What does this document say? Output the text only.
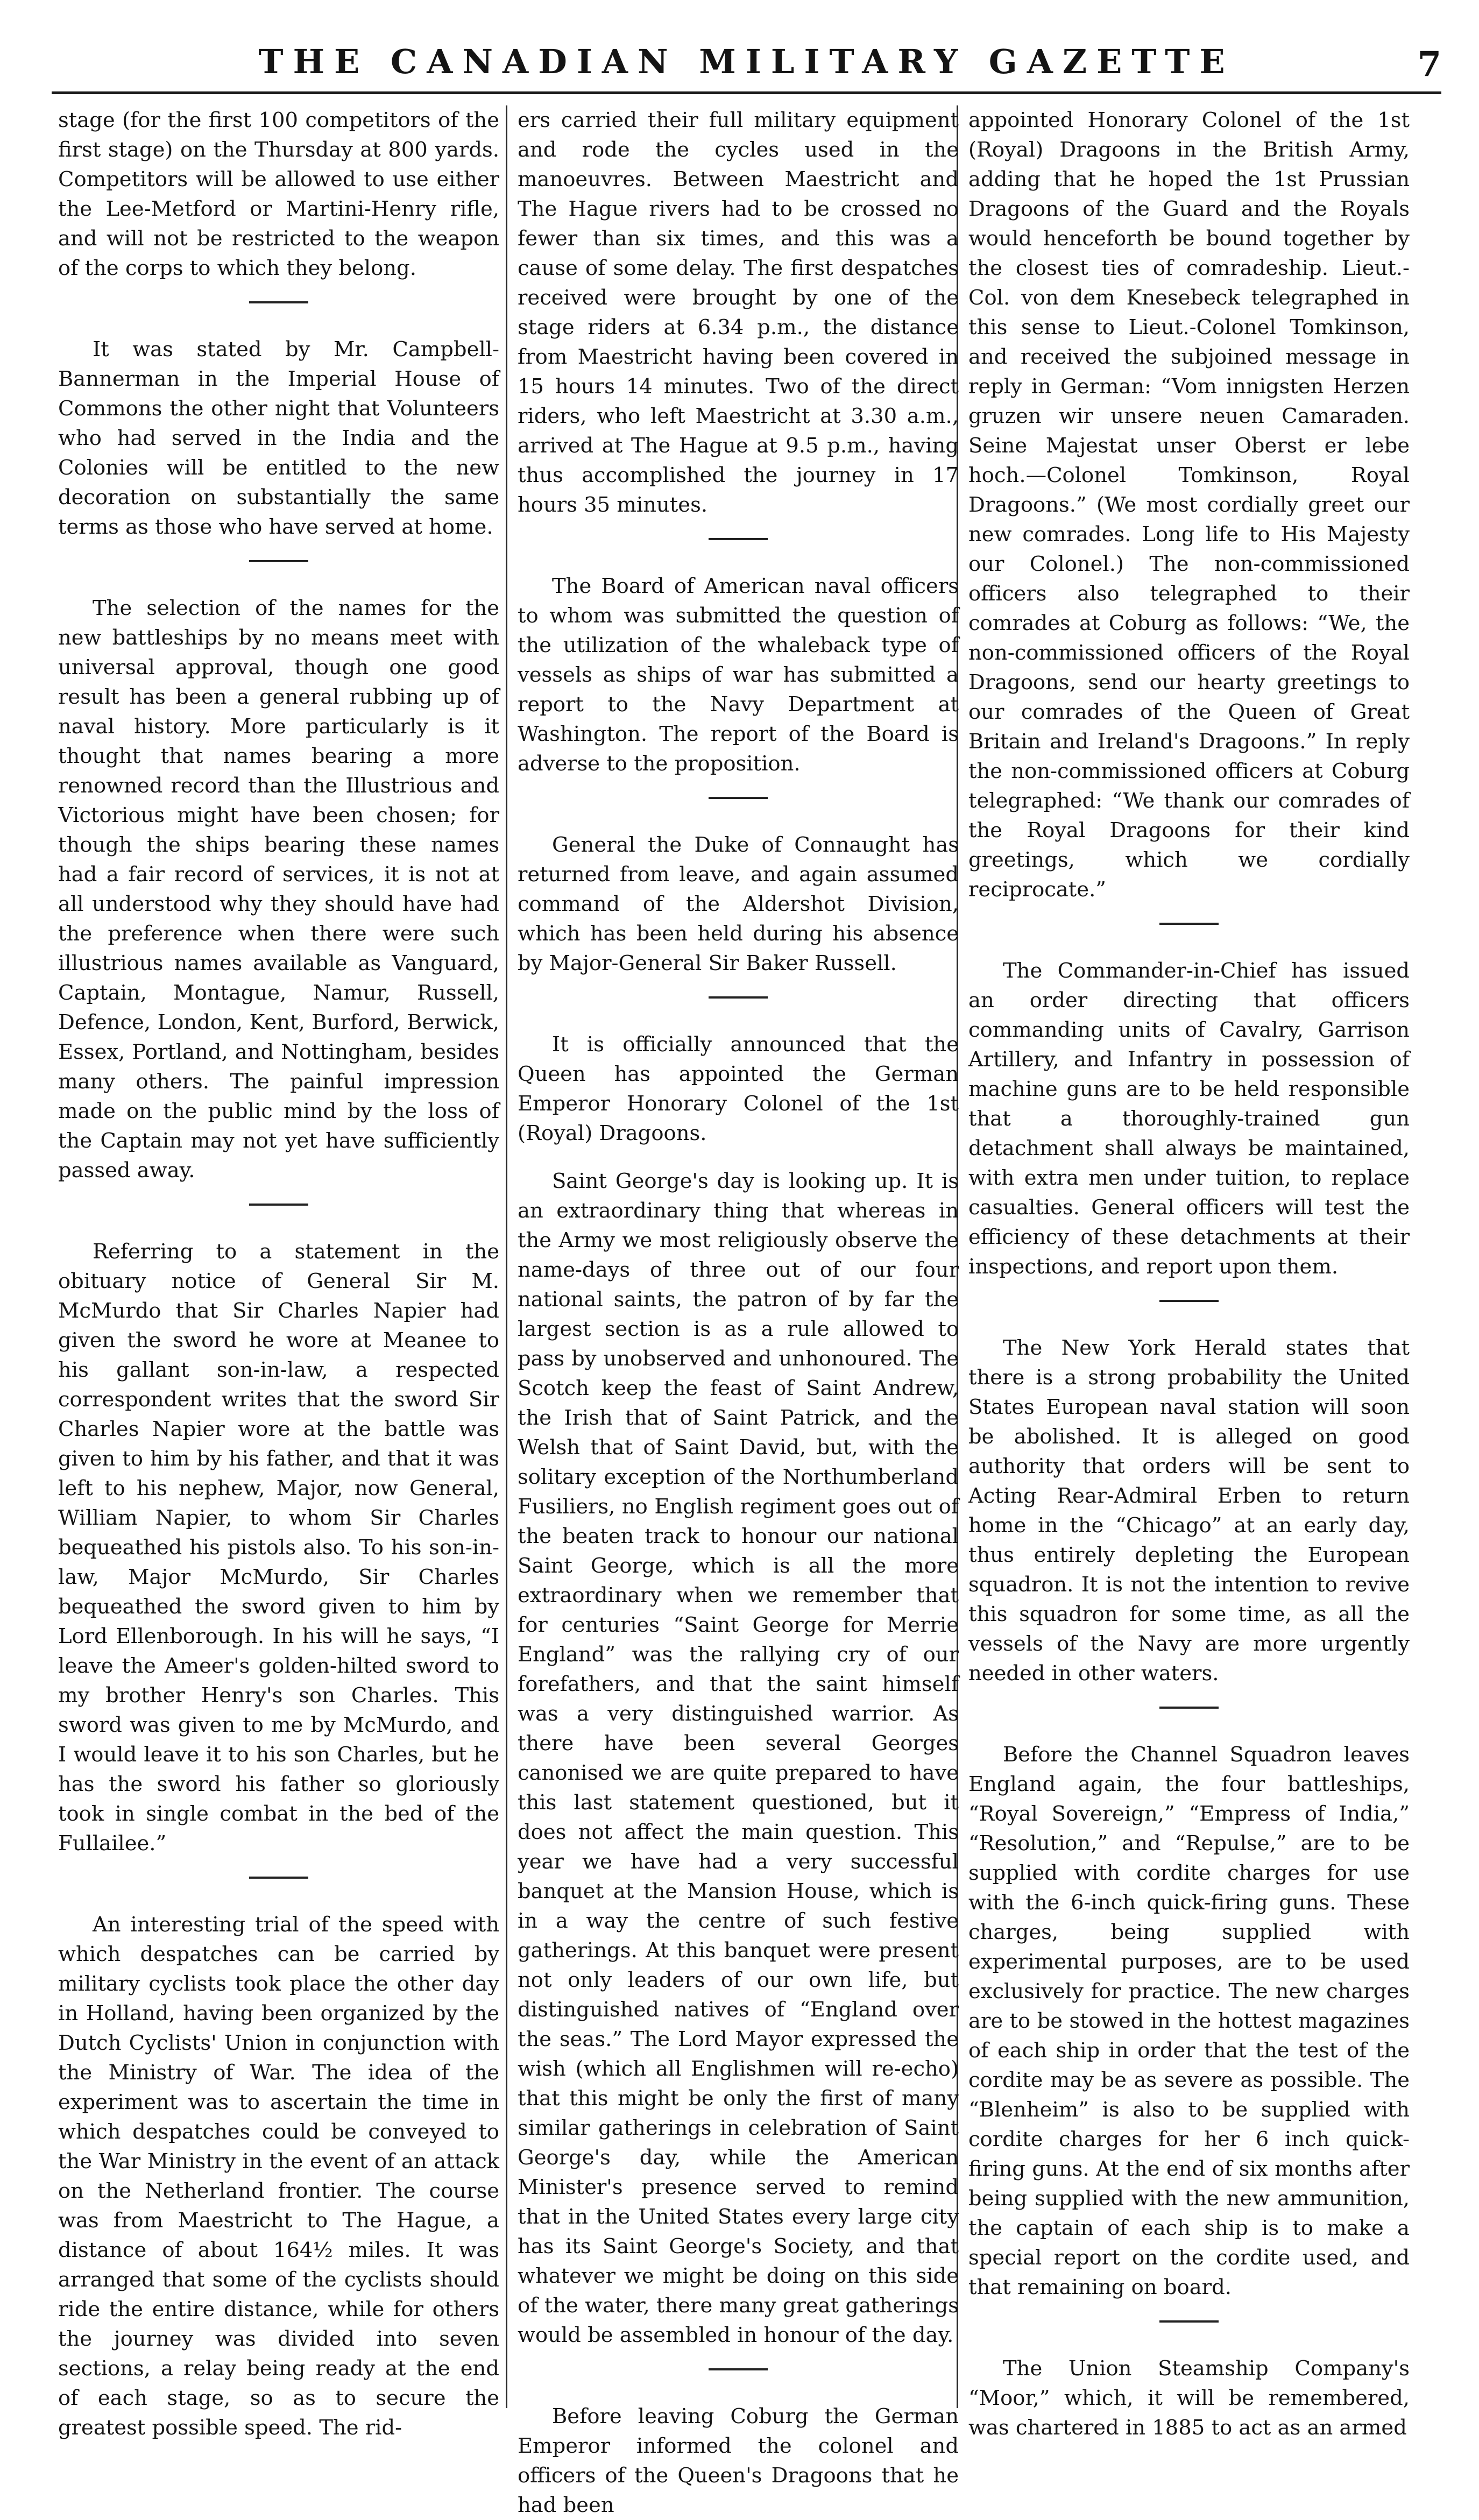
THE CANADIAN MILITARY GAZETTE	7

stage (for the first 100 competitors of the first stage) on the Thursday at 800 yards. Competitors will be allowed to use either the Lee-Metford or Martini-Henry rifle, and will not be restricted to the weapon of the corps to which they belong.

It was stated by Mr. Campbell-Bannerman in the Imperial House of Commons the other night that Volunteers who had served in the India and the Colonies will be entitled to the new decoration on substantially the same terms as those who have served at home.

The selection of the names for the new battleships by no means meet with universal approval, though one good result has been a general rubbing up of naval history. More particularly is it thought that names bearing a more renowned record than the Illustrious and Victorious might have been chosen; for though the ships bearing these names had a fair record of services, it is not at all understood why they should have had the preference when there were such illustrious names available as Vanguard, Captain, Montague, Namur, Russell, Defence, London, Kent, Burford, Berwick, Essex, Portland, and Nottingham, besides many others. The painful impression made on the public mind by the loss of the Captain may not yet have sufficiently passed away.

Referring to a statement in the obituary notice of General Sir M. McMurdo that Sir Charles Napier had given the sword he wore at Meanee to his gallant son-in-law, a respected correspondent writes that the sword Sir Charles Napier wore at the battle was given to him by his father, and that it was left to his nephew, Major, now General, William Napier, to whom Sir Charles bequeathed his pistols also. To his son-in-law, Major McMurdo, Sir Charles bequeathed the sword given to him by Lord Ellenborough. In his will he says, “I leave the Ameer's golden-hilted sword to my brother Henry's son Charles. This sword was given to me by McMurdo, and I would leave it to his son Charles, but he has the sword his father so gloriously took in single combat in the bed of the Fullailee.”

An interesting trial of the speed with which despatches can be carried by military cyclists took place the other day in Holland, having been organized by the Dutch Cyclists' Union in conjunction with the Ministry of War. The idea of the experiment was to ascertain the time in which despatches could be conveyed to the War Ministry in the event of an attack on the Netherland frontier. The course was from Maestricht to The Hague, a distance of about 164½ miles. It was arranged that some of the cyclists should ride the entire distance, while for others the journey was divided into seven sections, a relay being ready at the end of each stage, so as to secure the greatest possible speed. The rid-

ers carried their full military equipment and rode the cycles used in the manoeuvres. Between Maestricht and The Hague rivers had to be crossed no fewer than six times, and this was a cause of some delay. The first despatches received were brought by one of the stage riders at 6.34 p.m., the distance from Maestricht having been covered in 15 hours 14 minutes. Two of the direct riders, who left Maestricht at 3.30 a.m., arrived at The Hague at 9.5 p.m., having thus accomplished the journey in 17 hours 35 minutes.

The Board of American naval officers to whom was submitted the question of the utilization of the whaleback type of vessels as ships of war has submitted a report to the Navy Department at Washington. The report of the Board is adverse to the proposition.

General the Duke of Connaught has returned from leave, and again assumed command of the Aldershot Division, which has been held during his absence by Major-General Sir Baker Russell.

It is officially announced that the Queen has appointed the German Emperor Honorary Colonel of the 1st (Royal) Dragoons.

Saint George's day is looking up. It is an extraordinary thing that whereas in the Army we most religiously observe the name-days of three out of our four national saints, the patron of by far the largest section is as a rule allowed to pass by unobserved and unhonoured. The Scotch keep the feast of Saint Andrew, the Irish that of Saint Patrick, and the Welsh that of Saint David, but, with the solitary exception of the Northumberland Fusiliers, no English regiment goes out of the beaten track to honour our national Saint George, which is all the more extraordinary when we remember that for centuries “Saint George for Merrie England” was the rallying cry of our forefathers, and that the saint himself was a very distinguished warrior. As there have been several Georges canonised we are quite prepared to have this last statement questioned, but it does not affect the main question. This year we have had a very successful banquet at the Mansion House, which is in a way the centre of such festive gatherings. At this banquet were present not only leaders of our own life, but distinguished natives of “England over the seas.” The Lord Mayor expressed the wish (which all Englishmen will re-echo) that this might be only the first of many similar gatherings in celebration of Saint George's day, while the American Minister's presence served to remind that in the United States every large city has its Saint George's Society, and that whatever we might be doing on this side of the water, there many great gatherings would be assembled in honour of the day.

Before leaving Coburg the German Emperor informed the colonel and officers of the Queen's Dragoons that he had been

appointed Honorary Colonel of the 1st (Royal) Dragoons in the British Army, adding that he hoped the 1st Prussian Dragoons of the Guard and the Royals would henceforth be bound together by the closest ties of comradeship. Lieut.-Col. von dem Knesebeck telegraphed in this sense to Lieut.-Colonel Tomkinson, and received the subjoined message in reply in German: “Vom innigsten Herzen gruzen wir unsere neuen Camaraden. Seine Majestat unser Oberst er lebe hoch.—Colonel Tomkinson, Royal Dragoons.” (We most cordially greet our new comrades. Long life to His Majesty our Colonel.) The non-commissioned officers also telegraphed to their comrades at Coburg as follows: “We, the non-commissioned officers of the Royal Dragoons, send our hearty greetings to our comrades of the Queen of Great Britain and Ireland's Dragoons.” In reply the non-commissioned officers at Coburg telegraphed: “We thank our comrades of the Royal Dragoons for their kind greetings, which we cordially reciprocate.”

The Commander-in-Chief has issued an order directing that officers commanding units of Cavalry, Garrison Artillery, and Infantry in possession of machine guns are to be held responsible that a thoroughly-trained gun detachment shall always be maintained, with extra men under tuition, to replace casualties. General officers will test the efficiency of these detachments at their inspections, and report upon them.

The New York Herald states that there is a strong probability the United States European naval station will soon be abolished. It is alleged on good authority that orders will be sent to Acting Rear-Admiral Erben to return home in the “Chicago” at an early day, thus entirely depleting the European squadron. It is not the intention to revive this squadron for some time, as all the vessels of the Navy are more urgently needed in other waters.

Before the Channel Squadron leaves England again, the four battleships, “Royal Sovereign,” “Empress of India,” “Resolution,” and “Repulse,” are to be supplied with cordite charges for use with the 6-inch quick-firing guns. These charges, being supplied with experimental purposes, are to be used exclusively for practice. The new charges are to be stowed in the hottest magazines of each ship in order that the test of the cordite may be as severe as possible. The “Blenheim” is also to be supplied with cordite charges for her 6 inch quick-firing guns. At the end of six months after being supplied with the new ammunition, the captain of each ship is to make a special report on the cordite used, and that remaining on board.

The Union Steamship Company's “Moor,” which, it will be remembered, was chartered in 1885 to act as an armed
